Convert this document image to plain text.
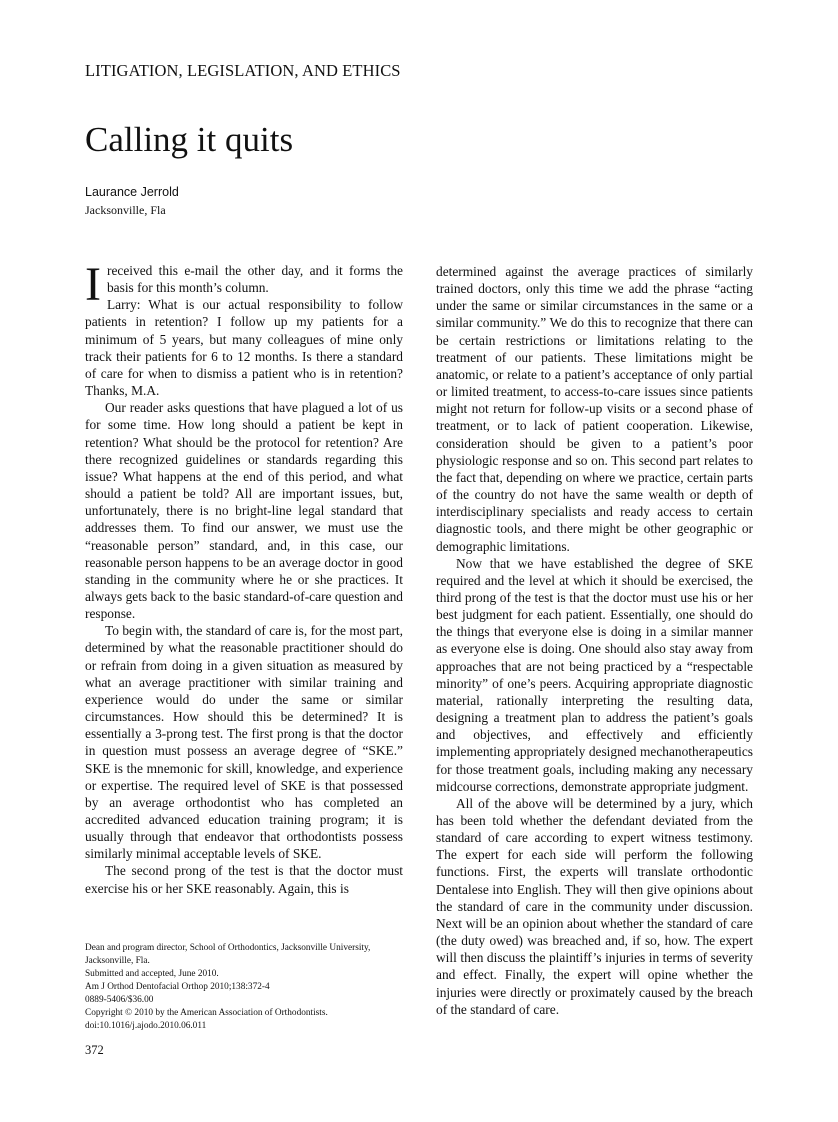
LITIGATION, LEGISLATION, AND ETHICS
Calling it quits
Laurance Jerrold
Jacksonville, Fla

I received this e-mail the other day, and it forms the basis for this month’s column.

Larry: What is our actual responsibility to follow patients in retention? I follow up my patients for a minimum of 5 years, but many colleagues of mine only track their patients for 6 to 12 months. Is there a standard of care for when to dismiss a patient who is in retention? Thanks, M.A.

Our reader asks questions that have plagued a lot of us for some time. How long should a patient be kept in retention? What should be the protocol for retention? Are there recognized guidelines or standards regarding this issue? What happens at the end of this period, and what should a patient be told? All are important issues, but, unfortunately, there is no bright-line legal standard that addresses them. To find our answer, we must use the “reasonable person” standard, and, in this case, our reasonable person happens to be an average doctor in good standing in the community where he or she practices. It always gets back to the basic standard-of-care question and response.

To begin with, the standard of care is, for the most part, determined by what the reasonable practitioner should do or refrain from doing in a given situation as measured by what an average practitioner with similar training and experience would do under the same or similar circumstances. How should this be determined? It is essentially a 3-prong test. The first prong is that the doctor in question must possess an average degree of “SKE.” SKE is the mnemonic for skill, knowledge, and experience or expertise. The required level of SKE is that possessed by an average orthodontist who has completed an accredited advanced education training program; it is usually through that endeavor that orthodontists possess similarly minimal acceptable levels of SKE.

The second prong of the test is that the doctor must exercise his or her SKE reasonably. Again, this is

determined against the average practices of similarly trained doctors, only this time we add the phrase “acting under the same or similar circumstances in the same or a similar community.” We do this to recognize that there can be certain restrictions or limitations relating to the treatment of our patients. These limitations might be anatomic, or relate to a patient’s acceptance of only partial or limited treatment, to access-to-care issues since patients might not return for follow-up visits or a second phase of treatment, or to lack of patient cooperation. Likewise, consideration should be given to a patient’s poor physiologic response and so on. This second part relates to the fact that, depending on where we practice, certain parts of the country do not have the same wealth or depth of interdisciplinary specialists and ready access to certain diagnostic tools, and there might be other geographic or demographic limitations.

Now that we have established the degree of SKE required and the level at which it should be exercised, the third prong of the test is that the doctor must use his or her best judgment for each patient. Essentially, one should do the things that everyone else is doing in a similar manner as everyone else is doing. One should also stay away from approaches that are not being practiced by a “respectable minority” of one’s peers. Acquiring appropriate diagnostic material, rationally interpreting the resulting data, designing a treatment plan to address the patient’s goals and objectives, and effectively and efficiently implementing appropriately designed mechanotherapeutics for those treatment goals, including making any necessary midcourse corrections, demonstrate appropriate judgment.

All of the above will be determined by a jury, which has been told whether the defendant deviated from the standard of care according to expert witness testimony. The expert for each side will perform the following functions. First, the experts will translate orthodontic Dentalese into English. They will then give opinions about the standard of care in the community under discussion. Next will be an opinion about whether the standard of care (the duty owed) was breached and, if so, how. The expert will then discuss the plaintiff’s injuries in terms of severity and effect. Finally, the expert will opine whether the injuries were directly or proximately caused by the breach of the standard of care.

Dean and program director, School of Orthodontics, Jacksonville University,
Jacksonville, Fla.
Submitted and accepted, June 2010.
Am J Orthod Dentofacial Orthop 2010;138:372-4
0889-5406/$36.00
Copyright © 2010 by the American Association of Orthodontists.
doi:10.1016/j.ajodo.2010.06.011
372
